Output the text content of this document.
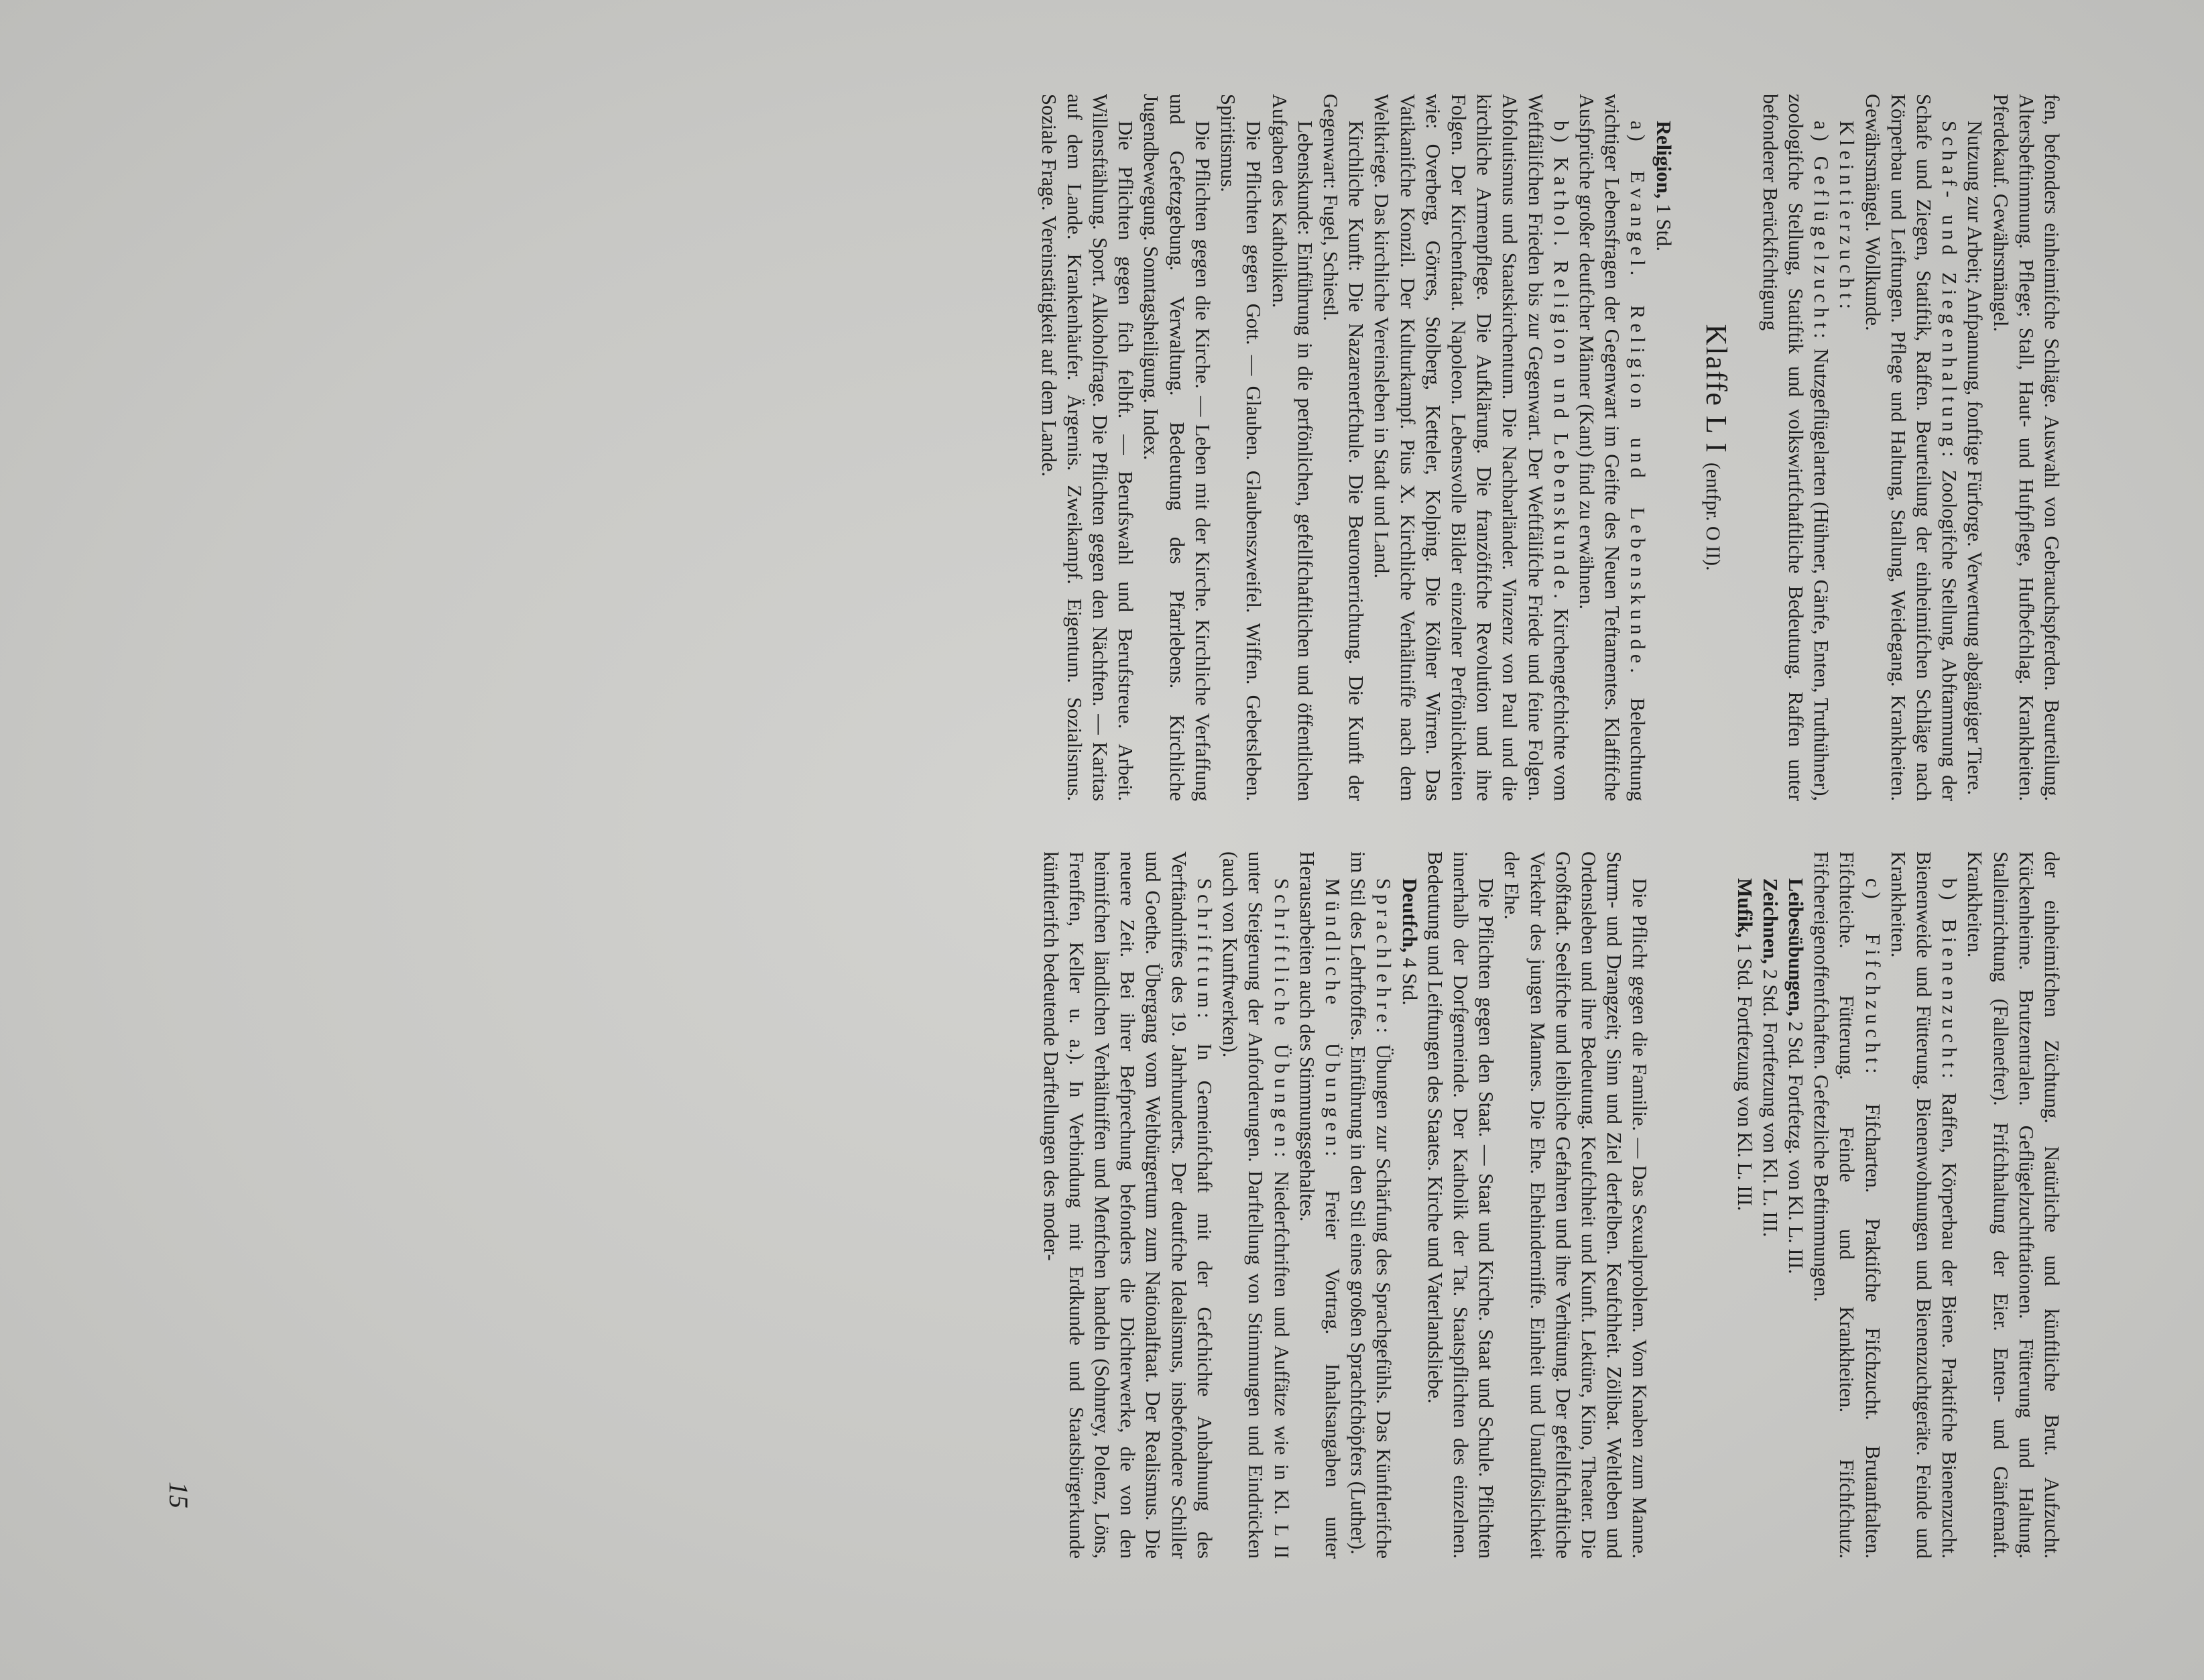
fen, befonders einheimifche Schläge. Auswahl von Gebrauchspferden. Beurteilung. Altersbeftimmung. Pflege; Stall, Haut- und Hufpflege, Hufbefchlag. Krankheiten. Pferdekauf. Gewährsmängel.

Nutzung zur Arbeit; Anfpannung, fonftige Fürforge. Verwertung abgängiger Tiere.

Schaf- und Ziegenhaltung: Zoologifche Stellung, Abftammung der Schafe und Ziegen, Statiftik, Raffen. Beurteilung der einheimifchen Schläge nach Körperbau und Leiftungen. Pflege und Haltung, Stallung, Weidegang. Krankheiten. Gewährsmängel. Wollkunde.

Kleintierzucht:

a) Geflügelzucht: Nutzgeflügelarten (Hühner, Gänfe, Enten, Truthühner), zoologifche Stellung, Statiftik und volkswirtfchaftliche Bedeutung. Raffen unter befonderer Berückfichtigung

Klaffe L I (entfpr. O II).

Religion, 1 Std.

a) Evangel. Religion und Lebenskunde. Beleuchtung wichtiger Lebensfragen der Gegenwart im Geifte des Neuen Teftamentes. Klaffifche Ausfprüche großer deutfcher Männer (Kant) find zu erwähnen.

b) Kathol. Religion und Lebenskunde. Kirchengefchichte vom Weftfälifchen Frieden bis zur Gegenwart. Der Weftfälifche Friede und feine Folgen. Abfolutismus und Staatskirchentum. Die Nachbarländer. Vinzenz von Paul und die kirchliche Armenpflege. Die Aufklärung. Die franzöfifche Revolution und ihre Folgen. Der Kirchenftaat. Napoleon. Lebensvolle Bilder einzelner Perfönlichkeiten wie: Overberg, Görres, Stolberg, Ketteler, Kolping. Die Kölner Wirren. Das Vatikanifche Konzil. Der Kulturkampf. Pius X. Kirchliche Verhältniffe nach dem Weltkriege. Das kirchliche Vereinsleben in Stadt und Land.

Kirchliche Kunft: Die Nazarenerfchule. Die Beuronerrichtung. Die Kunft der Gegenwart: Fugel, Schiestl.

Lebenskunde: Einführung in die perfönlichen, gefellfchaftlichen und öffentlichen Aufgaben des Katholiken.

Die Pflichten gegen Gott. — Glauben. Glaubenszweifel. Wiffen. Gebetsleben. Spiritismus.

Die Pflichten gegen die Kirche. — Leben mit der Kirche. Kirchliche Verfaffung und Gefetzgebung. Verwaltung. Bedeutung des Pfarrlebens. Kirchliche Jugendbewegung. Sonntagsheiligung. Index.

Die Pflichten gegen fich felbft. — Berufswahl und Berufstreue. Arbeit. Willensftählung. Sport. Alkoholfrage. Die Pflichten gegen den Nächften. — Karitas auf dem Lande. Krankenhäufer. Ärgernis. Zweikampf. Eigentum. Sozialismus. Soziale Frage. Vereinstätigkeit auf dem Lande.

der einheimifchen Züchtung. Natürliche und künftliche Brut. Aufzucht. Kückenheime. Brutzentralen. Geflügelzuchtftationen. Fütterung und Haltung. Stalleinrichtung (Fallenefter). Frifchhaltung der Eier. Enten- und Gänfemaft. Krankheiten.

b) Bienenzucht: Raffen, Körperbau der Biene. Praktifche Bienenzucht. Bienenweide und Fütterung. Bienenwohnungen und Bienenzuchtgeräte. Feinde und Krankheiten.

c) Fifchzucht: Fifcharten. Praktifche Fifchzucht. Brutanftalten. Fifchteiche. Fütterung. Feinde und Krankheiten. Fifchfchutz. Fifchereigenoffenfchaften. Gefetzliche Beftimmungen.

Leibesübungen, 2 Std. Fortfetzg. von Kl. L. III.

Zeichnen, 2 Std. Fortfetzung von Kl. L. III.

Mufik, 1 Std. Fortfetzung von Kl. L. III.

Die Pflicht gegen die Familie. — Das Sexualproblem. Vom Knaben zum Manne. Sturm- und Drangzeit; Sinn und Ziel derfelben. Keufchheit. Zölibat. Weltleben und Ordensleben und ihre Bedeutung. Keufchheit und Kunft. Lektüre, Kino, Theater. Die Großftadt. Seelifche und leibliche Gefahren und ihre Verhütung. Der gefellfchaftliche Verkehr des jungen Mannes. Die Ehe. Ehehinderniffe. Einheit und Unauflöslichkeit der Ehe.

Die Pflichten gegen den Staat. — Staat und Kirche. Staat und Schule. Pflichten innerhalb der Dorfgemeinde. Der Katholik der Tat. Staatspflichten des einzelnen. Bedeutung und Leiftungen des Staates. Kirche und Vaterlandsliebe.

Deutfch, 4 Std.

Sprachlehre: Übungen zur Schärfung des Sprachgefühls. Das Künftlerifche im Stil des Lehrftoffes. Einführung in den Stil eines großen Sprachfchöpfers (Luther).

Mündliche Übungen: Freier Vortrag. Inhaltsangaben unter Herausarbeiten auch des Stimmungsgehaltes.

Schriftliche Übungen: Niederfchriften und Auffätze wie in Kl. L II unter Steigerung der Anforderungen. Darftellung von Stimmungen und Eindrücken (auch von Kunftwerken).

Schrifttum: In Gemeinfchaft mit der Gefchichte Anbahnung des Verftändniffes des 19. Jahrhunderts. Der deutfche Idealismus, insbefondere Schiller und Goethe. Übergang vom Weltbürgertum zum Nationalftaat. Der Realismus. Die neuere Zeit. Bei ihrer Befprechung befonders die Dichterwerke, die von den heimifchen ländlichen Verhältniffen und Menfchen handeln (Sohnrey, Polenz, Löns, Frenffen, Keller u. a.). In Verbindung mit Erdkunde und Staatsbürgerkunde künftlerifch bedeutende Darftellungen des moder-

15
